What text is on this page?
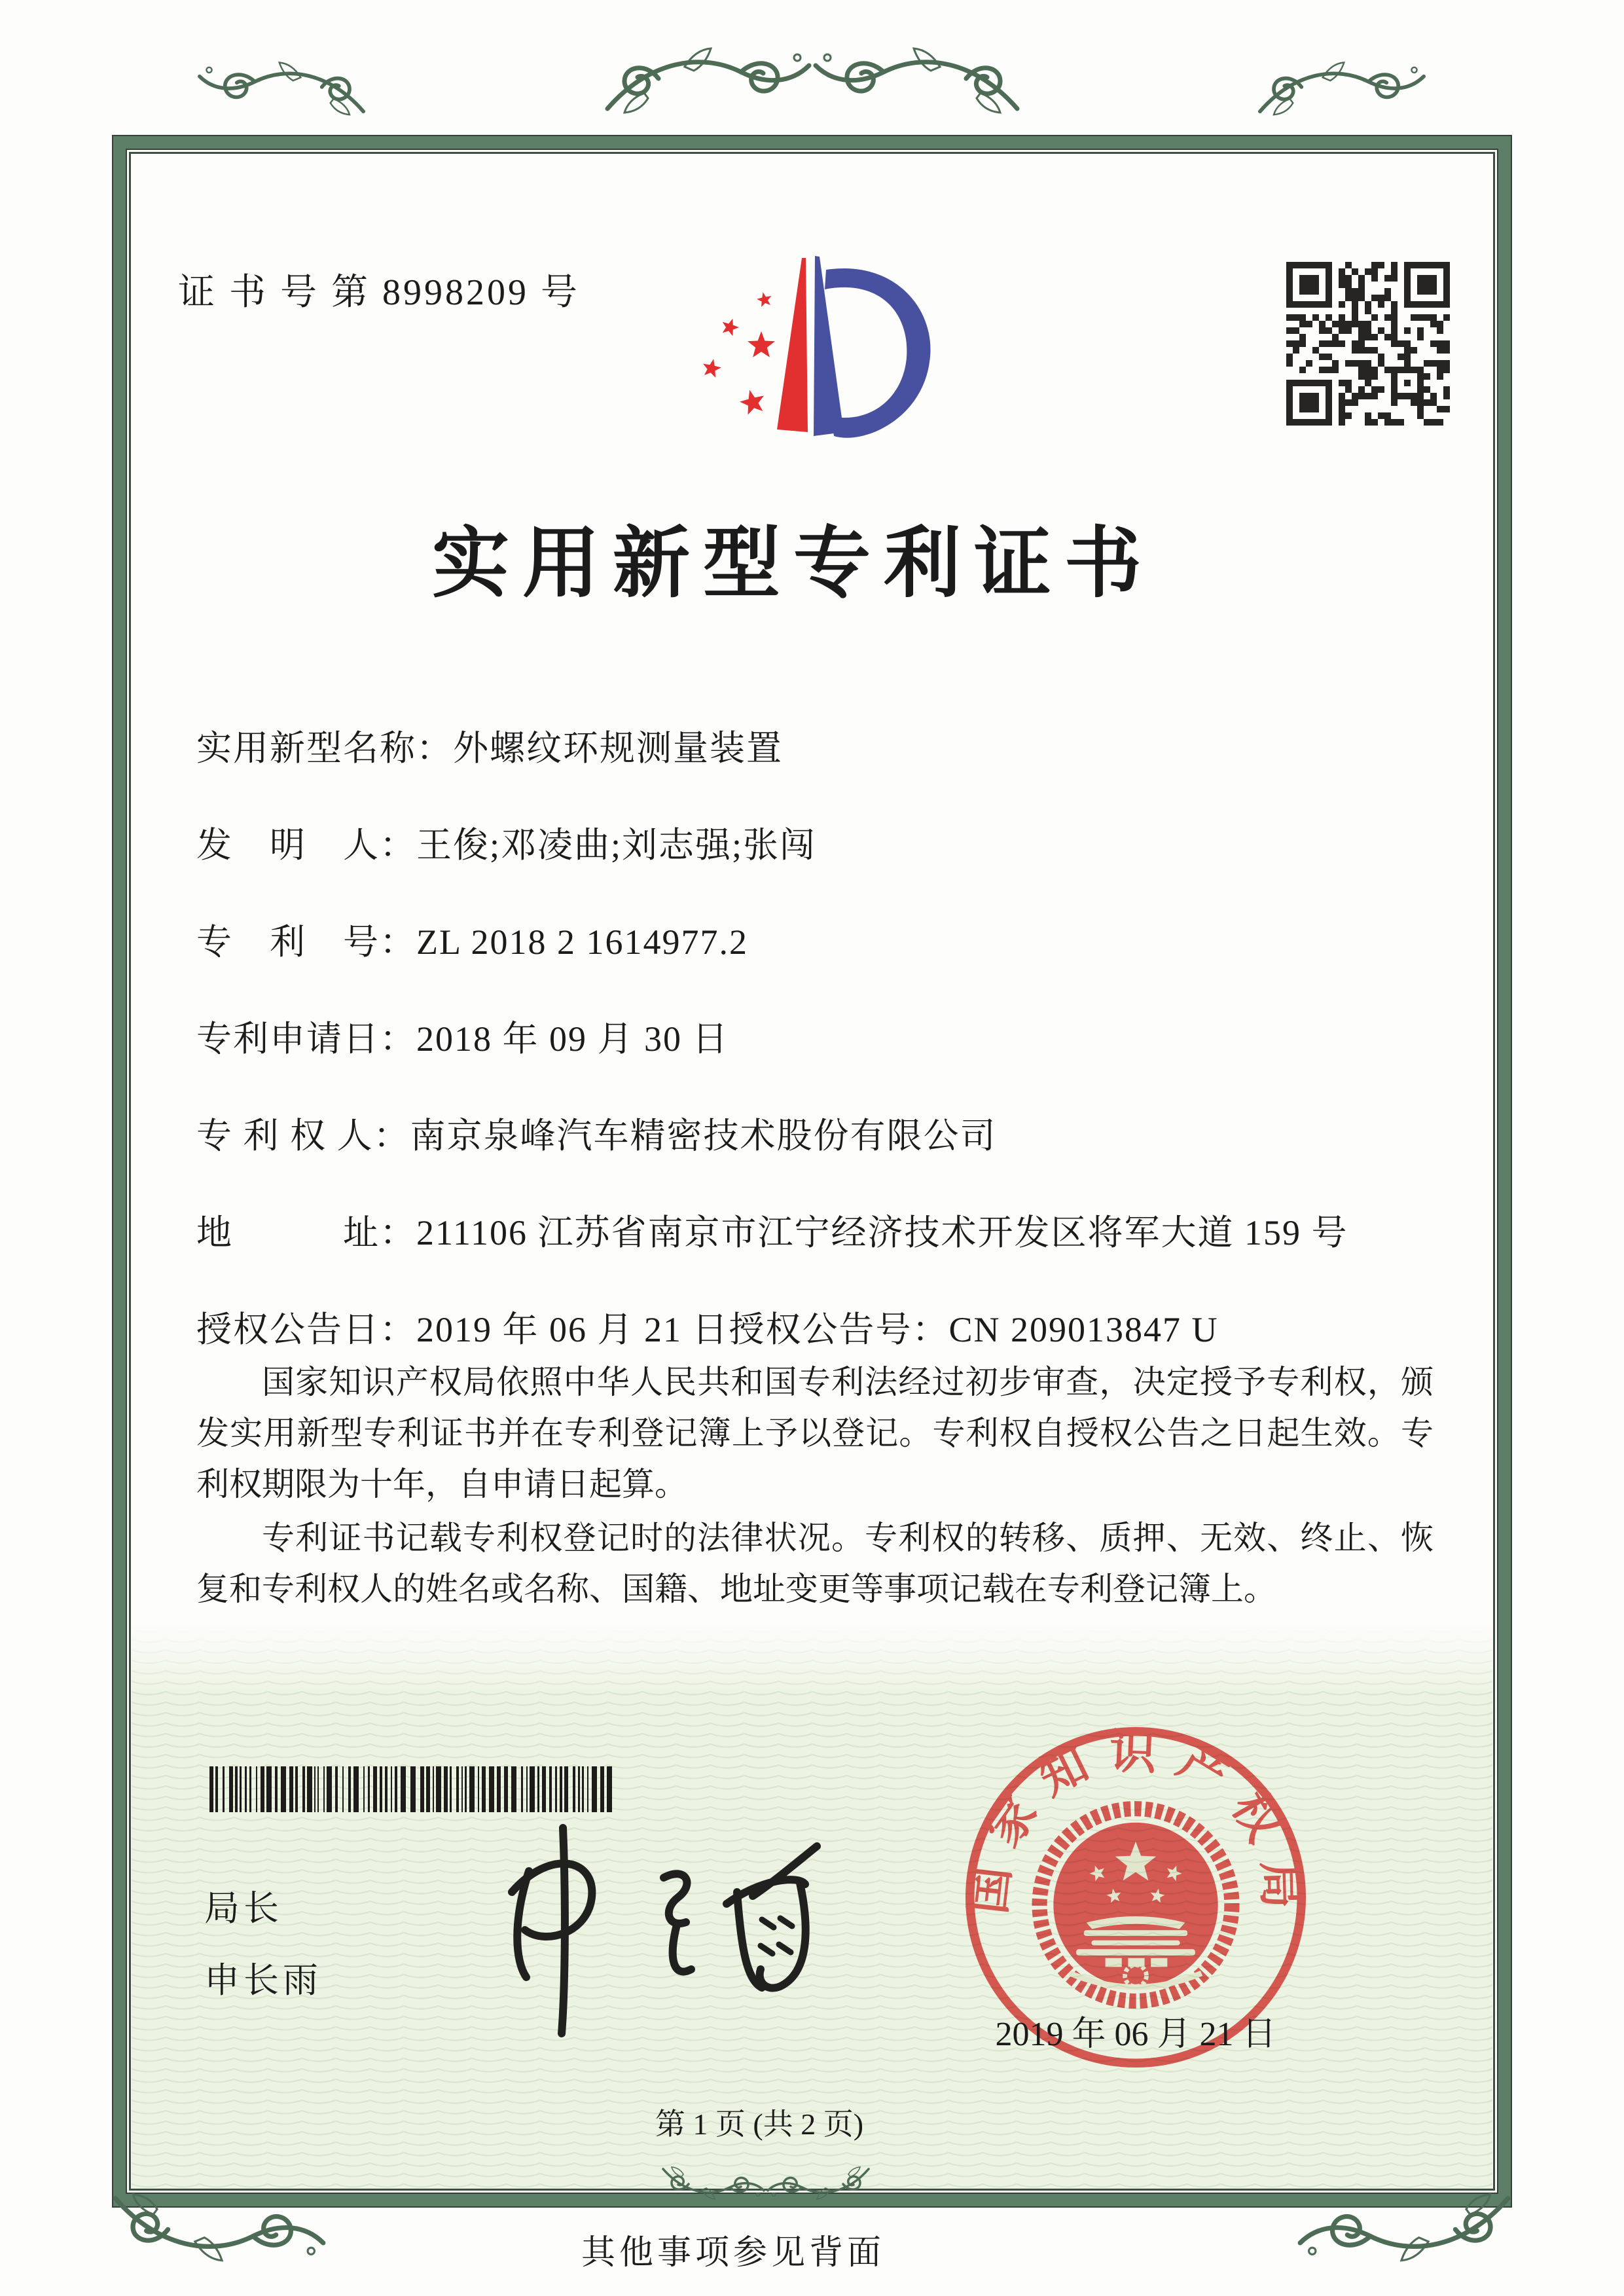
证 书 号 第 8998209 号
实用新型专利证书
实用新型名称：外螺纹环规测量装置
发　明　人：王俊;邓凌曲;刘志强;张闯
专　利　号：ZL 2018 2 1614977.2
专利申请日：2018 年 09 月 30 日
专 利 权 人：南京泉峰汽车精密技术股份有限公司
地　　　址：211106 江苏省南京市江宁经济技术开发区将军大道 159 号
授权公告日：2019 年 06 月 21 日授权公告号：CN 209013847 U

国家知识产权局依照中华人民共和国专利法经过初步审查，决定授予专利权，颁发实用新型专利证书并在专利登记簿上予以登记。专利权自授权公告之日起生效。专利权期限为十年，自申请日起算。

专利证书记载专利权登记时的法律状况。专利权的转移、质押、无效、终止、恢复和专利权人的姓名或名称、国籍、地址变更等事项记载在专利登记簿上。

局长
申长雨
国家知识产权局
2019 年 06 月 21 日
第 1 页 (共 2 页)
其他事项参见背面
